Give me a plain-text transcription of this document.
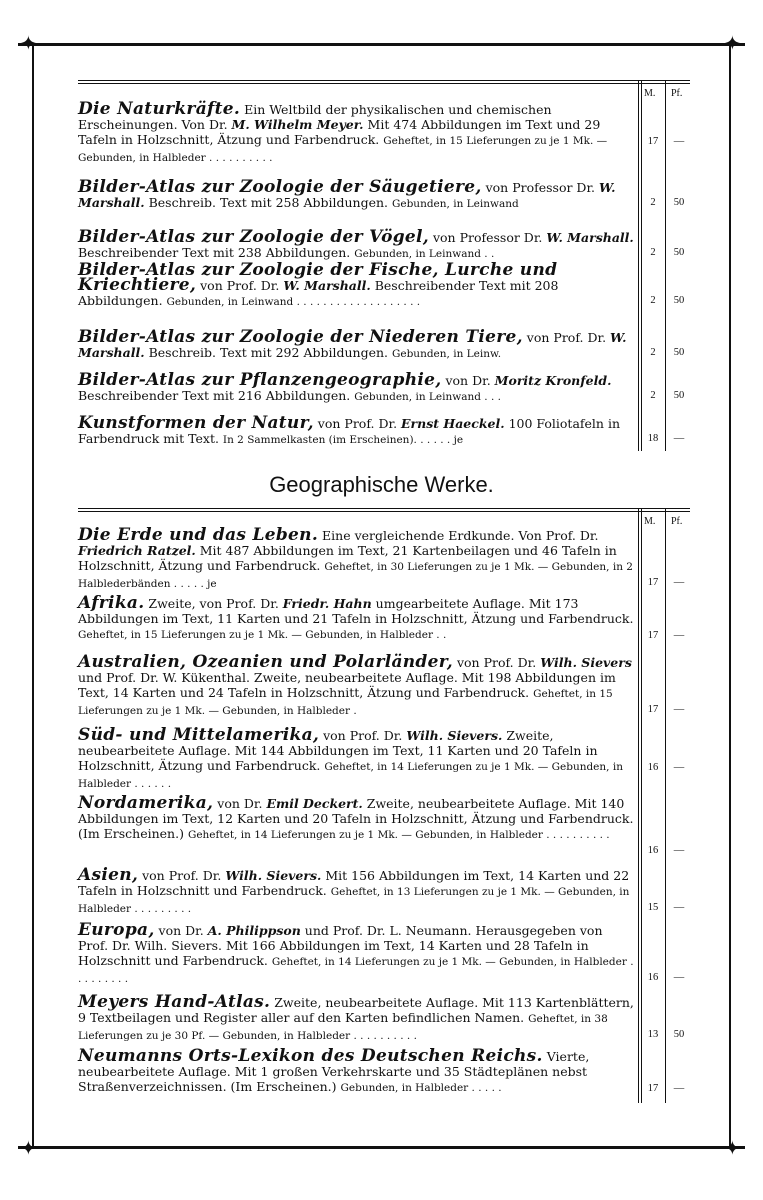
✦	✦
✦	✦
M. Pf.
Die Naturkräfte. Ein Weltbild der physikalischen und chemischen Erscheinungen. Von Dr. M. Wilhelm Meyer. Mit 474 Abbildungen im Text und 29 Tafeln in Holzschnitt, Ätzung und Farbendruck. Geheftet, in 15 Lieferungen zu je 1 Mk. — Gebunden, in Halbleder . . . . . . . . . .
17	—
Bilder-Atlas zur Zoologie der Säugetiere, von Professor Dr. W. Marshall. Beschreib. Text mit 258 Abbildungen. Gebunden, in Leinwand	2	50
Bilder-Atlas zur Zoologie der Vögel, von Professor Dr. W. Marshall. Beschreibender Text mit 238 Abbildungen. Gebunden, in Leinwand . .	2	50
Bilder-Atlas zur Zoologie der Fische, Lurche und Kriechtiere, von Prof. Dr. W. Marshall. Beschreibender Text mit 208 Abbildungen. Gebunden, in Leinwand . . . . . . . . . . . . . . . . . . .	2	50
Bilder-Atlas zur Zoologie der Niederen Tiere, von Prof. Dr. W. Marshall. Beschreib. Text mit 292 Abbildungen. Gebunden, in Leinw.	2	50
Bilder-Atlas zur Pflanzengeographie, von Dr. Moritz Kronfeld. Beschreibender Text mit 216 Abbildungen. Gebunden, in Leinwand . . .	2	50
Kunstformen der Natur, von Prof. Dr. Ernst Haeckel. 100 Foliotafeln in Farbendruck mit Text. In 2 Sammelkasten (im Erscheinen). . . . . . je	18	—
Geographische Werke.
M. Pf.
Die Erde und das Leben. Eine vergleichende Erdkunde. Von Prof. Dr. Friedrich Ratzel. Mit 487 Abbildungen im Text, 21 Kartenbeilagen und 46 Tafeln in Holzschnitt, Ätzung und Farbendruck. Geheftet, in 30 Lieferungen zu je 1 Mk. — Gebunden, in 2 Halblederbänden . . . . . je	17	—
Afrika. Zweite, von Prof. Dr. Friedr. Hahn umgearbeitete Auflage. Mit 173 Abbildungen im Text, 11 Karten und 21 Tafeln in Holzschnitt, Ätzung und Farbendruck. Geheftet, in 15 Lieferungen zu je 1 Mk. — Gebunden, in Halbleder . .	17	—
Australien, Ozeanien und Polarländer, von Prof. Dr. Wilh. Sievers und Prof. Dr. W. Kükenthal. Zweite, neubearbeitete Auflage. Mit 198 Abbildungen im Text, 14 Karten und 24 Tafeln in Holzschnitt, Ätzung und Farbendruck. Geheftet, in 15 Lieferungen zu je 1 Mk. — Gebunden, in Halbleder .	17	—
Süd- und Mittelamerika, von Prof. Dr. Wilh. Sievers. Zweite, neubearbeitete Auflage. Mit 144 Abbildungen im Text, 11 Karten und 20 Tafeln in Holzschnitt, Ätzung und Farbendruck. Geheftet, in 14 Lieferungen zu je 1 Mk. — Gebunden, in Halbleder . . . . . .
16	—
Nordamerika, von Dr. Emil Deckert. Zweite, neubearbeitete Auflage. Mit 140 Abbildungen im Text, 12 Karten und 20 Tafeln in Holzschnitt, Ätzung und Farbendruck. (Im Erscheinen.) Geheftet, in 14 Lieferungen zu je 1 Mk. — Gebunden, in Halbleder . . . . . . . . . .
16	—
Asien, von Prof. Dr. Wilh. Sievers. Mit 156 Abbildungen im Text, 14 Karten und 22 Tafeln in Holzschnitt und Farbendruck. Geheftet, in 13 Lieferungen zu je 1 Mk. — Gebunden, in Halbleder . . . . . . . . .	15	—
Europa, von Dr. A. Philippson und Prof. Dr. L. Neumann. Herausgegeben von Prof. Dr. Wilh. Sievers. Mit 166 Abbildungen im Text, 14 Karten und 28 Tafeln in Holzschnitt und Farbendruck. Geheftet, in 14 Lieferungen zu je 1 Mk. — Gebunden, in Halbleder . . . . . . . . .	16	—
Meyers Hand-Atlas. Zweite, neubearbeitete Auflage. Mit 113 Kartenblättern, 9 Textbeilagen und Register aller auf den Karten befindlichen Namen. Geheftet, in 38 Lieferungen zu je 30 Pf. — Gebunden, in Halbleder . . . . . . . . . .	13	50
Neumanns Orts-Lexikon des Deutschen Reichs. Vierte, neubearbeitete Auflage. Mit 1 großen Verkehrskarte und 35 Städteplänen nebst Straßenverzeichnissen. (Im Erscheinen.) Gebunden, in Halbleder . . . . .	17	—
